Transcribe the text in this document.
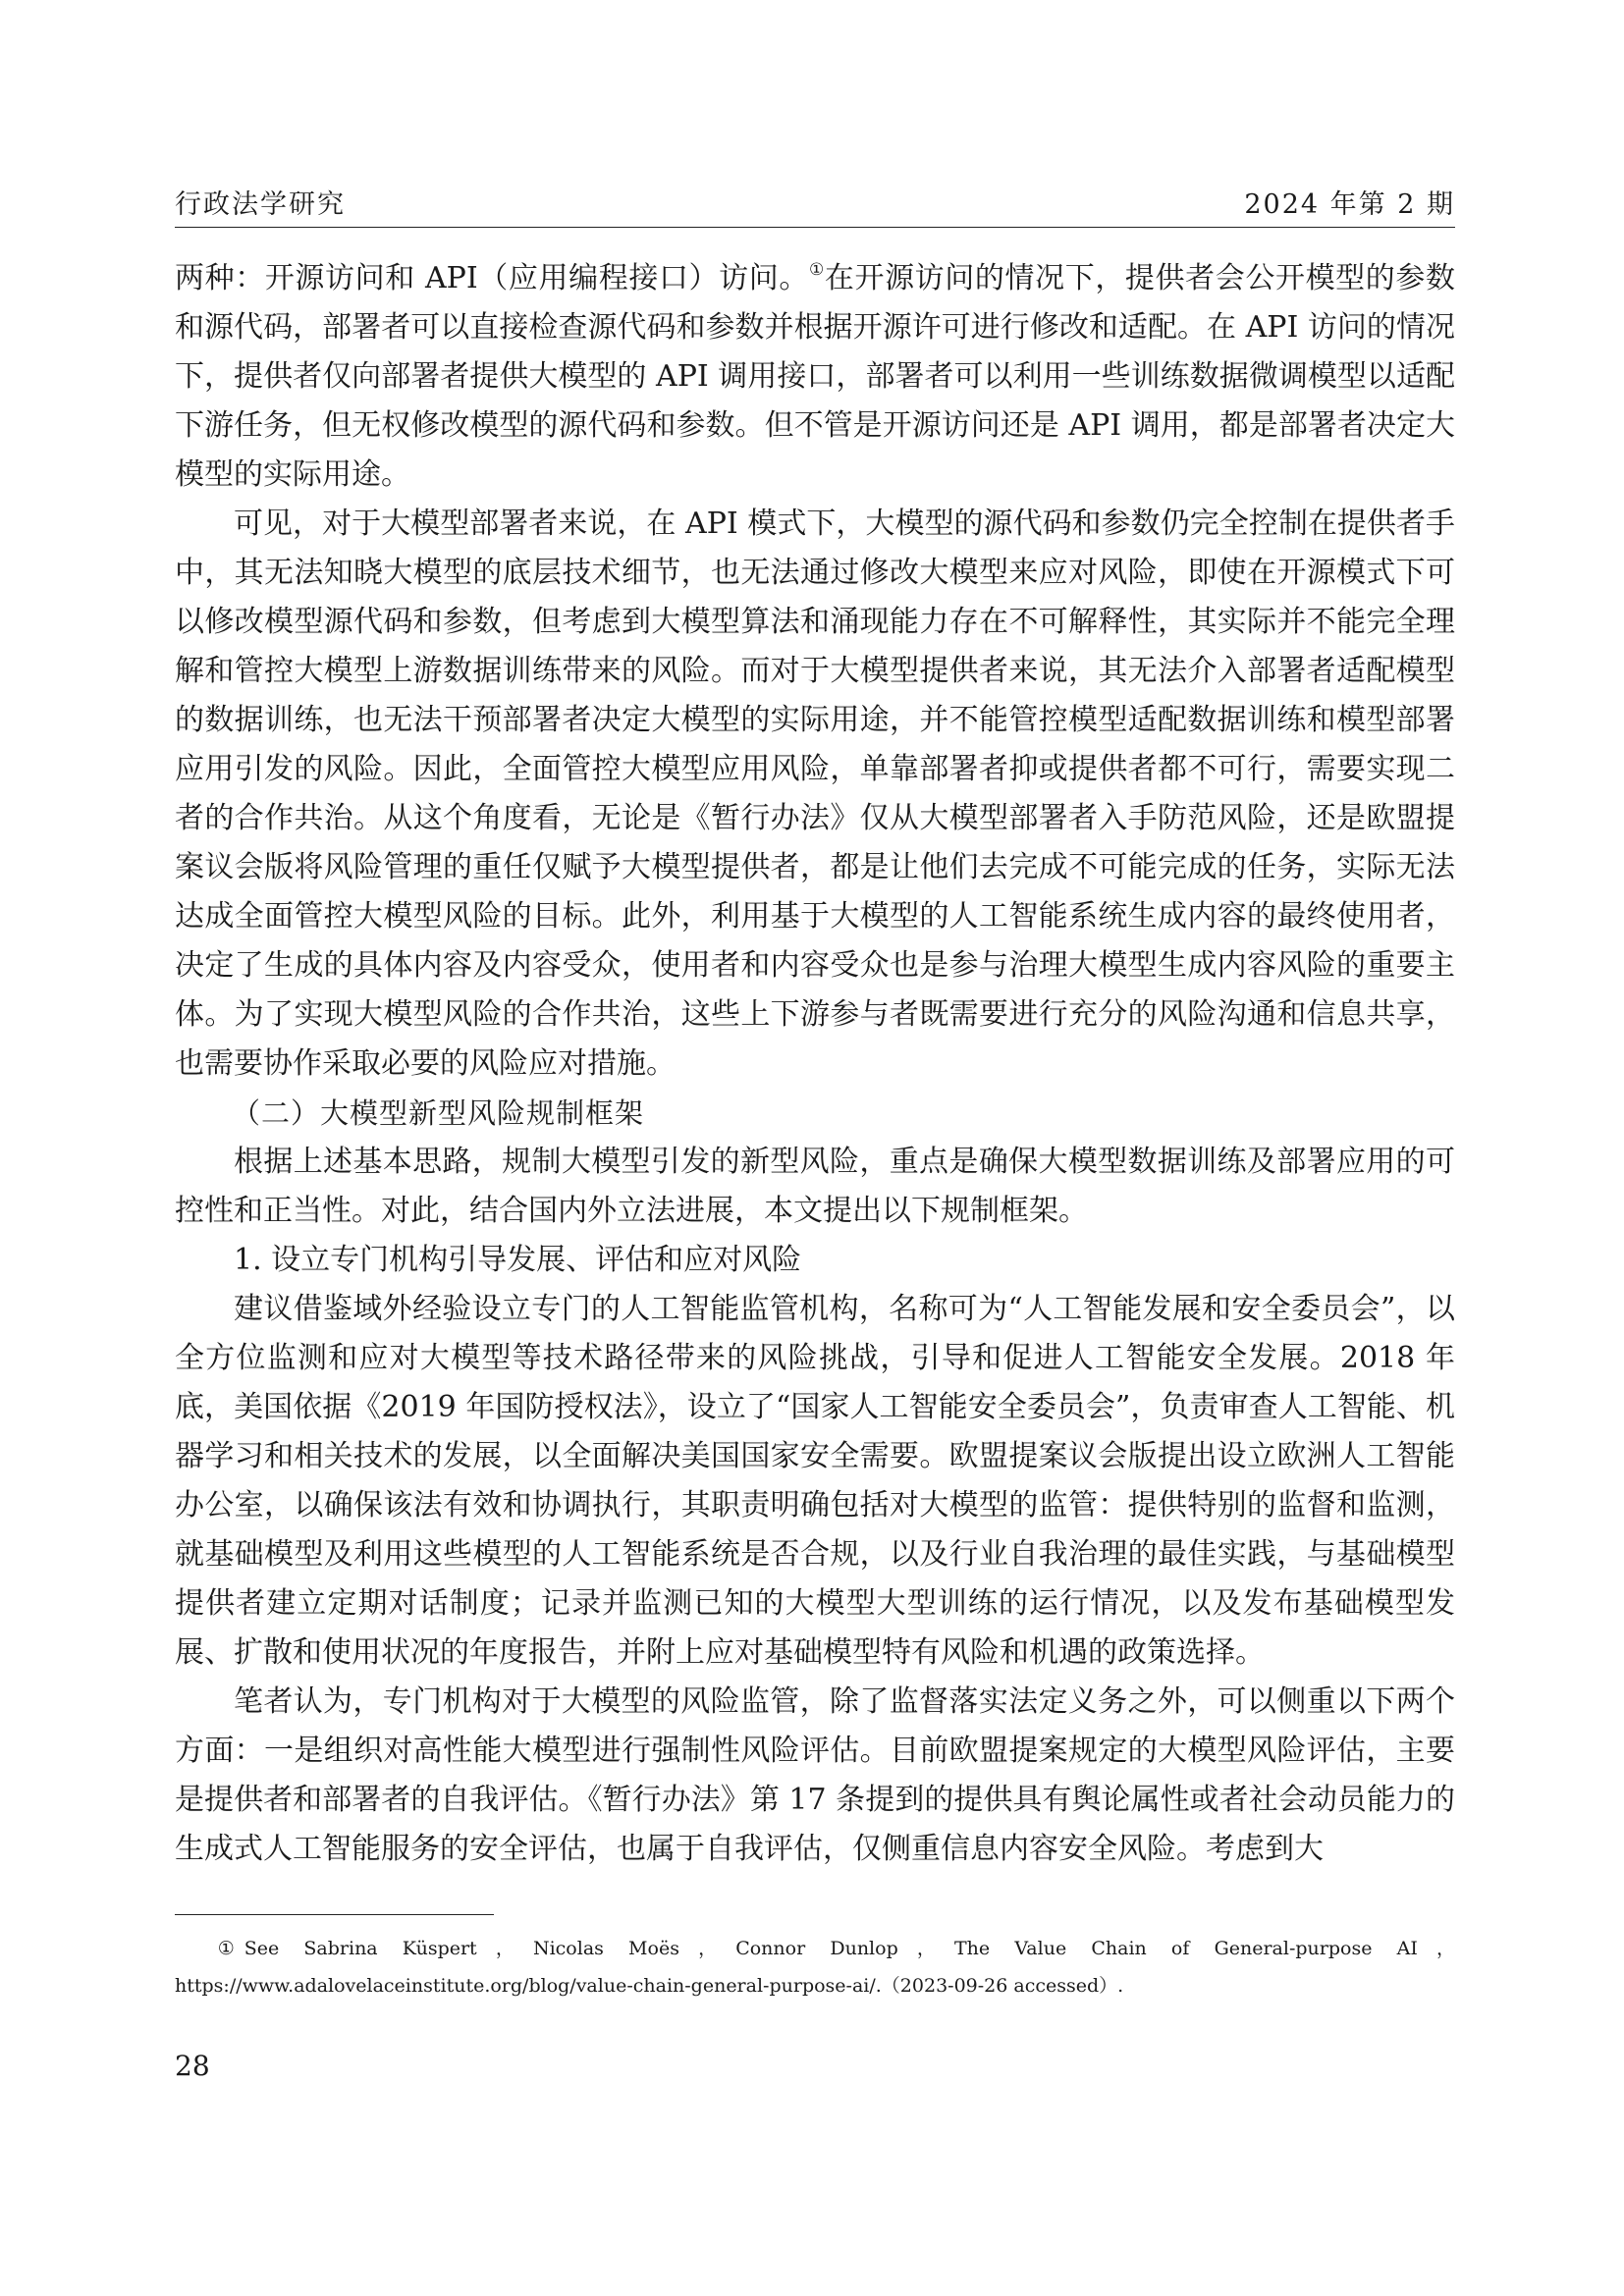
行政法学研究	2024 年第 2 期

两种：开源访问和 API（应用编程接口）访问。①在开源访问的情况下，提供者会公开模型的参数和源代码，部署者可以直接检查源代码和参数并根据开源许可进行修改和适配。在 API 访问的情况下，提供者仅向部署者提供大模型的 API 调用接口，部署者可以利用一些训练数据微调模型以适配下游任务，但无权修改模型的源代码和参数。但不管是开源访问还是 API 调用，都是部署者决定大模型的实际用途。

可见，对于大模型部署者来说，在 API 模式下，大模型的源代码和参数仍完全控制在提供者手中，其无法知晓大模型的底层技术细节，也无法通过修改大模型来应对风险，即使在开源模式下可以修改模型源代码和参数，但考虑到大模型算法和涌现能力存在不可解释性，其实际并不能完全理解和管控大模型上游数据训练带来的风险。而对于大模型提供者来说，其无法介入部署者适配模型的数据训练，也无法干预部署者决定大模型的实际用途，并不能管控模型适配数据训练和模型部署应用引发的风险。因此，全面管控大模型应用风险，单靠部署者抑或提供者都不可行，需要实现二者的合作共治。从这个角度看，无论是《暂行办法》仅从大模型部署者入手防范风险，还是欧盟提案议会版将风险管理的重任仅赋予大模型提供者，都是让他们去完成不可能完成的任务，实际无法达成全面管控大模型风险的目标。此外，利用基于大模型的人工智能系统生成内容的最终使用者，决定了生成的具体内容及内容受众，使用者和内容受众也是参与治理大模型生成内容风险的重要主体。为了实现大模型风险的合作共治，这些上下游参与者既需要进行充分的风险沟通和信息共享，也需要协作采取必要的风险应对措施。

（二）大模型新型风险规制框架

根据上述基本思路，规制大模型引发的新型风险，重点是确保大模型数据训练及部署应用的可控性和正当性。对此，结合国内外立法进展，本文提出以下规制框架。

1. 设立专门机构引导发展、评估和应对风险

建议借鉴域外经验设立专门的人工智能监管机构，名称可为“人工智能发展和安全委员会”，以全方位监测和应对大模型等技术路径带来的风险挑战，引导和促进人工智能安全发展。2018 年底，美国依据《2019 年国防授权法》，设立了“国家人工智能安全委员会”，负责审查人工智能、机器学习和相关技术的发展，以全面解决美国国家安全需要。欧盟提案议会版提出设立欧洲人工智能办公室，以确保该法有效和协调执行，其职责明确包括对大模型的监管：提供特别的监督和监测，就基础模型及利用这些模型的人工智能系统是否合规，以及行业自我治理的最佳实践，与基础模型提供者建立定期对话制度；记录并监测已知的大模型大型训练的运行情况，以及发布基础模型发展、扩散和使用状况的年度报告，并附上应对基础模型特有风险和机遇的政策选择。

笔者认为，专门机构对于大模型的风险监管，除了监督落实法定义务之外，可以侧重以下两个方面：一是组织对高性能大模型进行强制性风险评估。目前欧盟提案规定的大模型风险评估，主要是提供者和部署者的自我评估。《暂行办法》第 17 条提到的提供具有舆论属性或者社会动员能力的生成式人工智能服务的安全评估，也属于自我评估，仅侧重信息内容安全风险。考虑到大

① See Sabrina Küspert，Nicolas Moës，Connor Dunlop，The Value Chain of General-purpose AI，https://www.adalovelaceinstitute.org/blog/value-chain-general-purpose-ai/.（2023-09-26 accessed）.

28
